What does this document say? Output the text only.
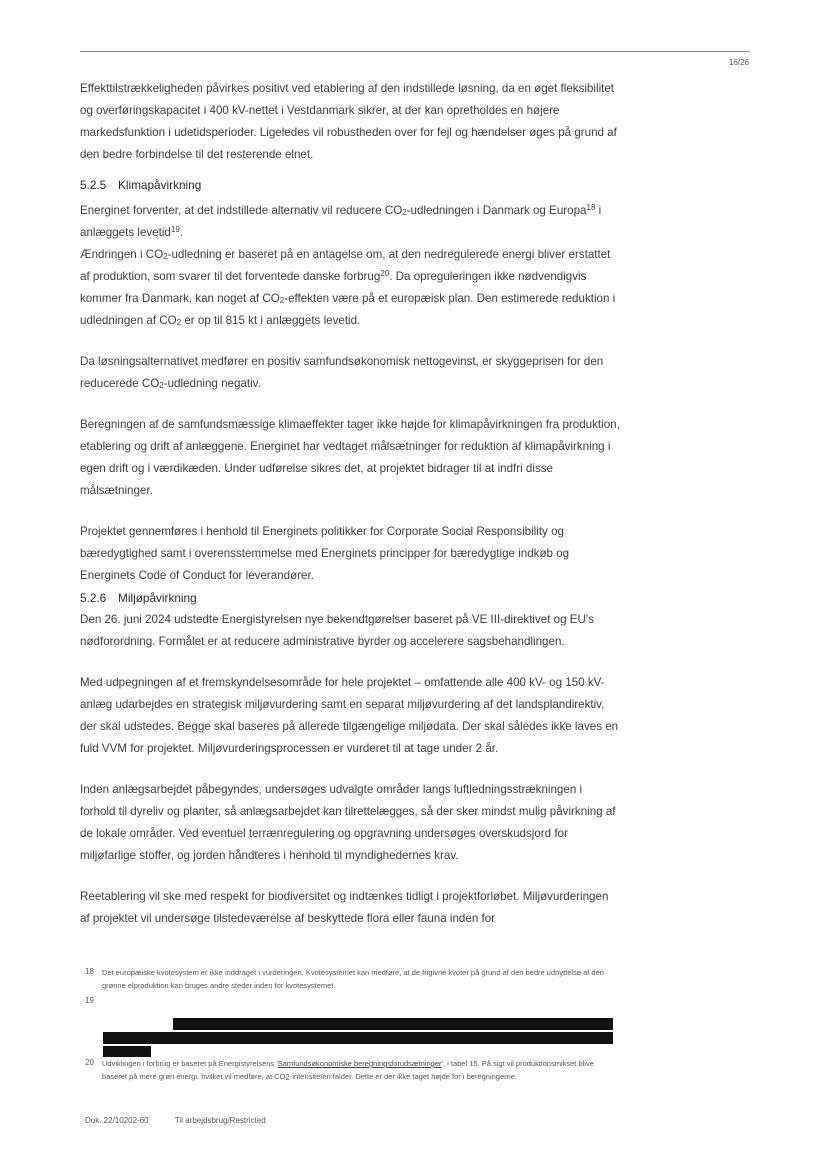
16/26

Effekttilstrækkeligheden påvirkes positivt ved etablering af den indstillede løsning, da en øget fleksibilitet og overføringskapacitet i 400 kV-nettet i Vestdanmark sikrer, at der kan opretholdes en højere markedsfunktion i udetidsperioder. Ligeledes vil robustheden over for fejl og hændelser øges på grund af den bedre forbindelse til det resterende elnet.

5.2.5 Klimapåvirkning

Energinet forventer, at det indstillede alternativ vil reducere $CO_2$-udledningen i Danmark og Europa$^{18}$ i anlæggets levetid$^{19}$.

Ændringen i $CO_2$-udledning er baseret på en antagelse om, at den nedregulerede energi bliver erstattet af produktion, som svarer til det forventede danske forbrug$^{20}$. Da opreguleringen ikke nødvendigvis kommer fra Danmark, kan noget af $CO_2$-effekten være på et europæisk plan. Den estimerede reduktion i udledningen af $CO_2$ er op til 815 kt i anlæggets levetid.

Da løsningsalternativet medfører en positiv samfundsøkonomisk nettogevinst, er skyggeprisen for den reducerede $CO_2$-udledning negativ.

Beregningen af de samfundsmæssige klimaeffekter tager ikke højde for klimapåvirkningen fra produktion, etablering og drift af anlæggene. Energinet har vedtaget målsætninger for reduktion af klimapåvirkning i egen drift og i værdikæden. Under udførelse sikres det, at projektet bidrager til at indfri disse målsætninger.

Projektet gennemføres i henhold til Energinets politikker for Corporate Social Responsibility og bæredygtighed samt i overensstemmelse med Energinets principper for bæredygtige indkøb og Energinets Code of Conduct for leverandører.

5.2.6 Miljøpåvirkning

Den 26. juni 2024 udstedte Energistyrelsen nye bekendtgørelser baseret på VE III-direktivet og EU's nødforordning. Formålet er at reducere administrative byrder og accelerere sagsbehandlingen.

Med udpegningen af et fremskyndelsesområde for hele projektet – omfattende alle 400 kV- og 150 kV-anlæg udarbejdes en strategisk miljøvurdering samt en separat miljøvurdering af det landsplandirektiv, der skal udstedes. Begge skal baseres på allerede tilgængelige miljødata. Der skal således ikke laves en fuld VVM for projektet. Miljøvurderingsprocessen er vurderet til at tage under 2 år.

Inden anlægsarbejdet påbegyndes, undersøges udvalgte områder langs luftledningsstrækningen i forhold til dyreliv og planter, så anlægsarbejdet kan tilrettelægges, så der sker mindst mulig påvirkning af de lokale områder. Ved eventuel terrænregulering og opgravning undersøges overskudsjord for miljøfarlige stoffer, og jorden håndteres i henhold til myndighedernes krav.

Reetablering vil ske med respekt for biodiversitet og indtænkes tidligt i projektforløbet. Miljøvurderingen af projektet vil undersøge tilstedeværelse af beskyttede flora eller fauna inden for

18 Det europæiske kvotesystem er ikke inddraget i vurderingen. Kvotesystemet kan medføre, at de frigivne kvoter på grund af den bedre udnyttelse af den grønne elproduktion kan bruges andre steder inden for kvotesystemet.
19
20 Udviklingen i forbrug er baseret på Energistyrelsens 'Samfundsøkonomiske beregningsforudsætninger', i tabel 15. På sigt vil produktionsmikset blive baseret på mere grøn energi, hvilket vil medføre, at $CO_2$-intensiteten falder. Dette er der ikke taget højde for i beregningerne.
Dok. 22/10202-60	Til arbejdsbrug/Restricted
